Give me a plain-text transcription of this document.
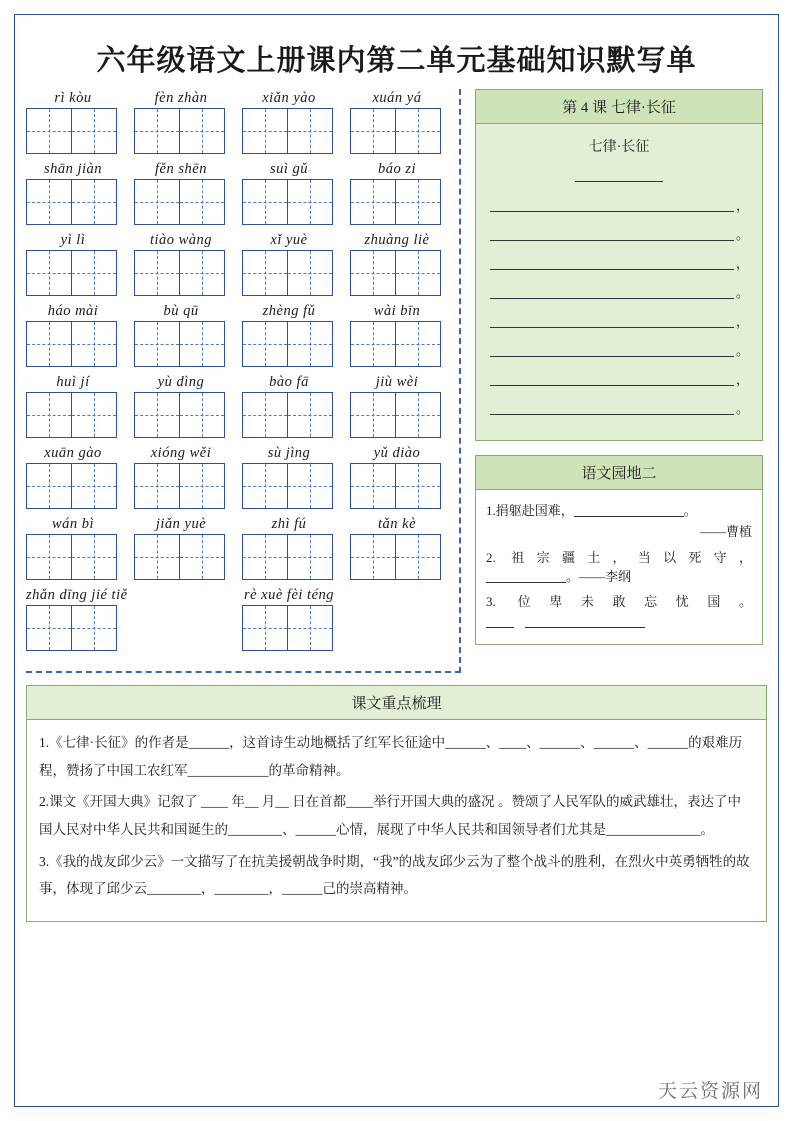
六年级语文上册课内第二单元基础知识默写单
rì kòu	fèn zhàn	xiǎn yào	xuán yá
shān jiàn	fěn shēn	suì gǔ	báo zi
yì lì	tiào wàng	xǐ yuè	zhuàng liè
háo mài	bù qū	zhèng fǔ	wài bīn
huì jí	yù dìng	bào fā	jiù wèi
xuān gào	xióng wěi	sù jìng	yǔ diào
wán bì	jiǎn yuè	zhì fú	tǎn kè
zhǎn dīng jié tiě	rè xuè fèi téng
第 4 课 七律·长征
七律·长征
，
。
，
。
，
。
，
。
语文园地二
1.捐躯赴国难，	。
——曹植
2. 祖宗疆土，当以死守，
。——李纲
3. 位卑未敢忘忧国。

课文重点梳理

1.《七律·长征》的作者是______，这首诗生动地概括了红军长征途中______、____、______、______、______的艰难历程，赞扬了中国工农红军____________的革命精神。

2.课文《开国大典》记叙了 ____ 年__ 月__ 日在首都____举行开国大典的盛况 。赞颂了人民军队的威武雄壮，表达了中国人民对中华人民共和国诞生的________、______心情，展现了中华人民共和国领导者们尤其是______________。

3.《我的战友邱少云》一文描写了在抗美援朝战争时期，“我”的战友邱少云为了整个战斗的胜利，在烈火中英勇牺牲的故事，体现了邱少云________，________，______己的崇高精神。

天云资源网
